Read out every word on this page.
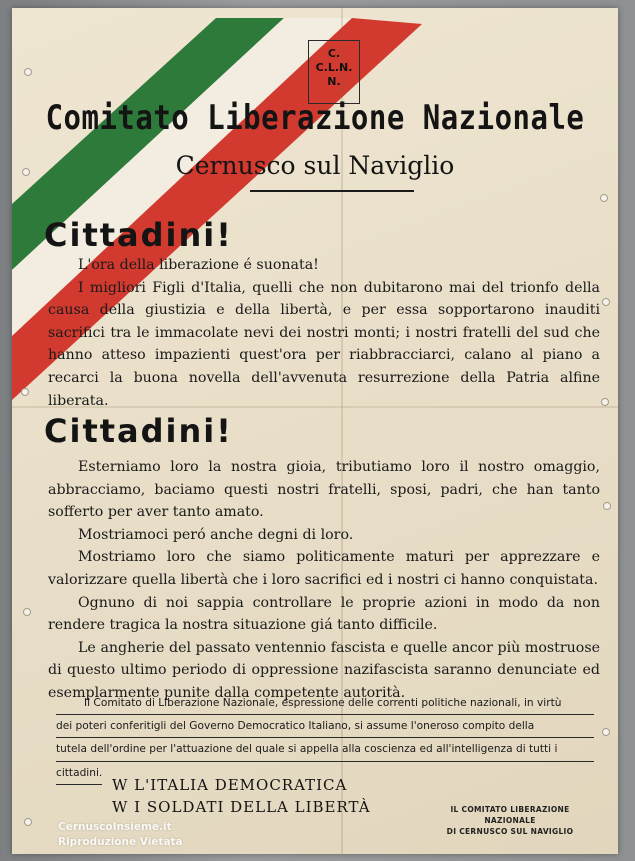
C.
C.L.N.
N.
Comitato Liberazione Nazionale
Cernusco sul Naviglio
Cittadini!

L'ora della liberazione é suonata!

I migliori Figli d'Italia, quelli che non dubitarono mai del trionfo della causa della giustizia e della libertà, e per essa sopportarono inauditi sacrifici tra le immacolate nevi dei nostri monti; i nostri fratelli del sud che hanno atteso impazienti quest'ora per riabbracciarci, calano al piano a recarci la buona novella dell'avvenuta resurrezione della Patria alfine liberata.

Cittadini!

Esterniamo loro la nostra gioia, tributiamo loro il nostro omaggio, abbracciamo, baciamo questi nostri fratelli, sposi, padri, che han tanto sofferto per aver tanto amato.

Mostriamoci peró anche degni di loro.

Mostriamo loro che siamo politicamente maturi per apprezzare e valorizzare quella libertà che i loro sacrifici ed i nostri ci hanno conquistata.

Ognuno di noi sappia controllare le proprie azioni in modo da non rendere tragica la nostra situazione giá tanto difficile.

Le angherie del passato ventennio fascista e quelle ancor più mostruose di questo ultimo periodo di oppressione nazifascista saranno denunciate ed esemplarmente punite dalla competente autorità.

Il Comitato di Liberazione Nazionale, espressione delle correnti politiche nazionali, in virtù
dei poteri conferitigli del Governo Democratico Italiano, si assume l'oneroso compito della
tutela dell'ordine per l'attuazione del quale si appella alla coscienza ed all'intelligenza di tutti i
cittadini.
W L'ITALIA DEMOCRATICA
W I SOLDATI DELLA LIBERTÀ	IL COMITATO LIBERAZIONE NAZIONALE
DI CERNUSCO SUL NAVIGLIO
CernuscoInsieme.it
Riproduzione Vietata
